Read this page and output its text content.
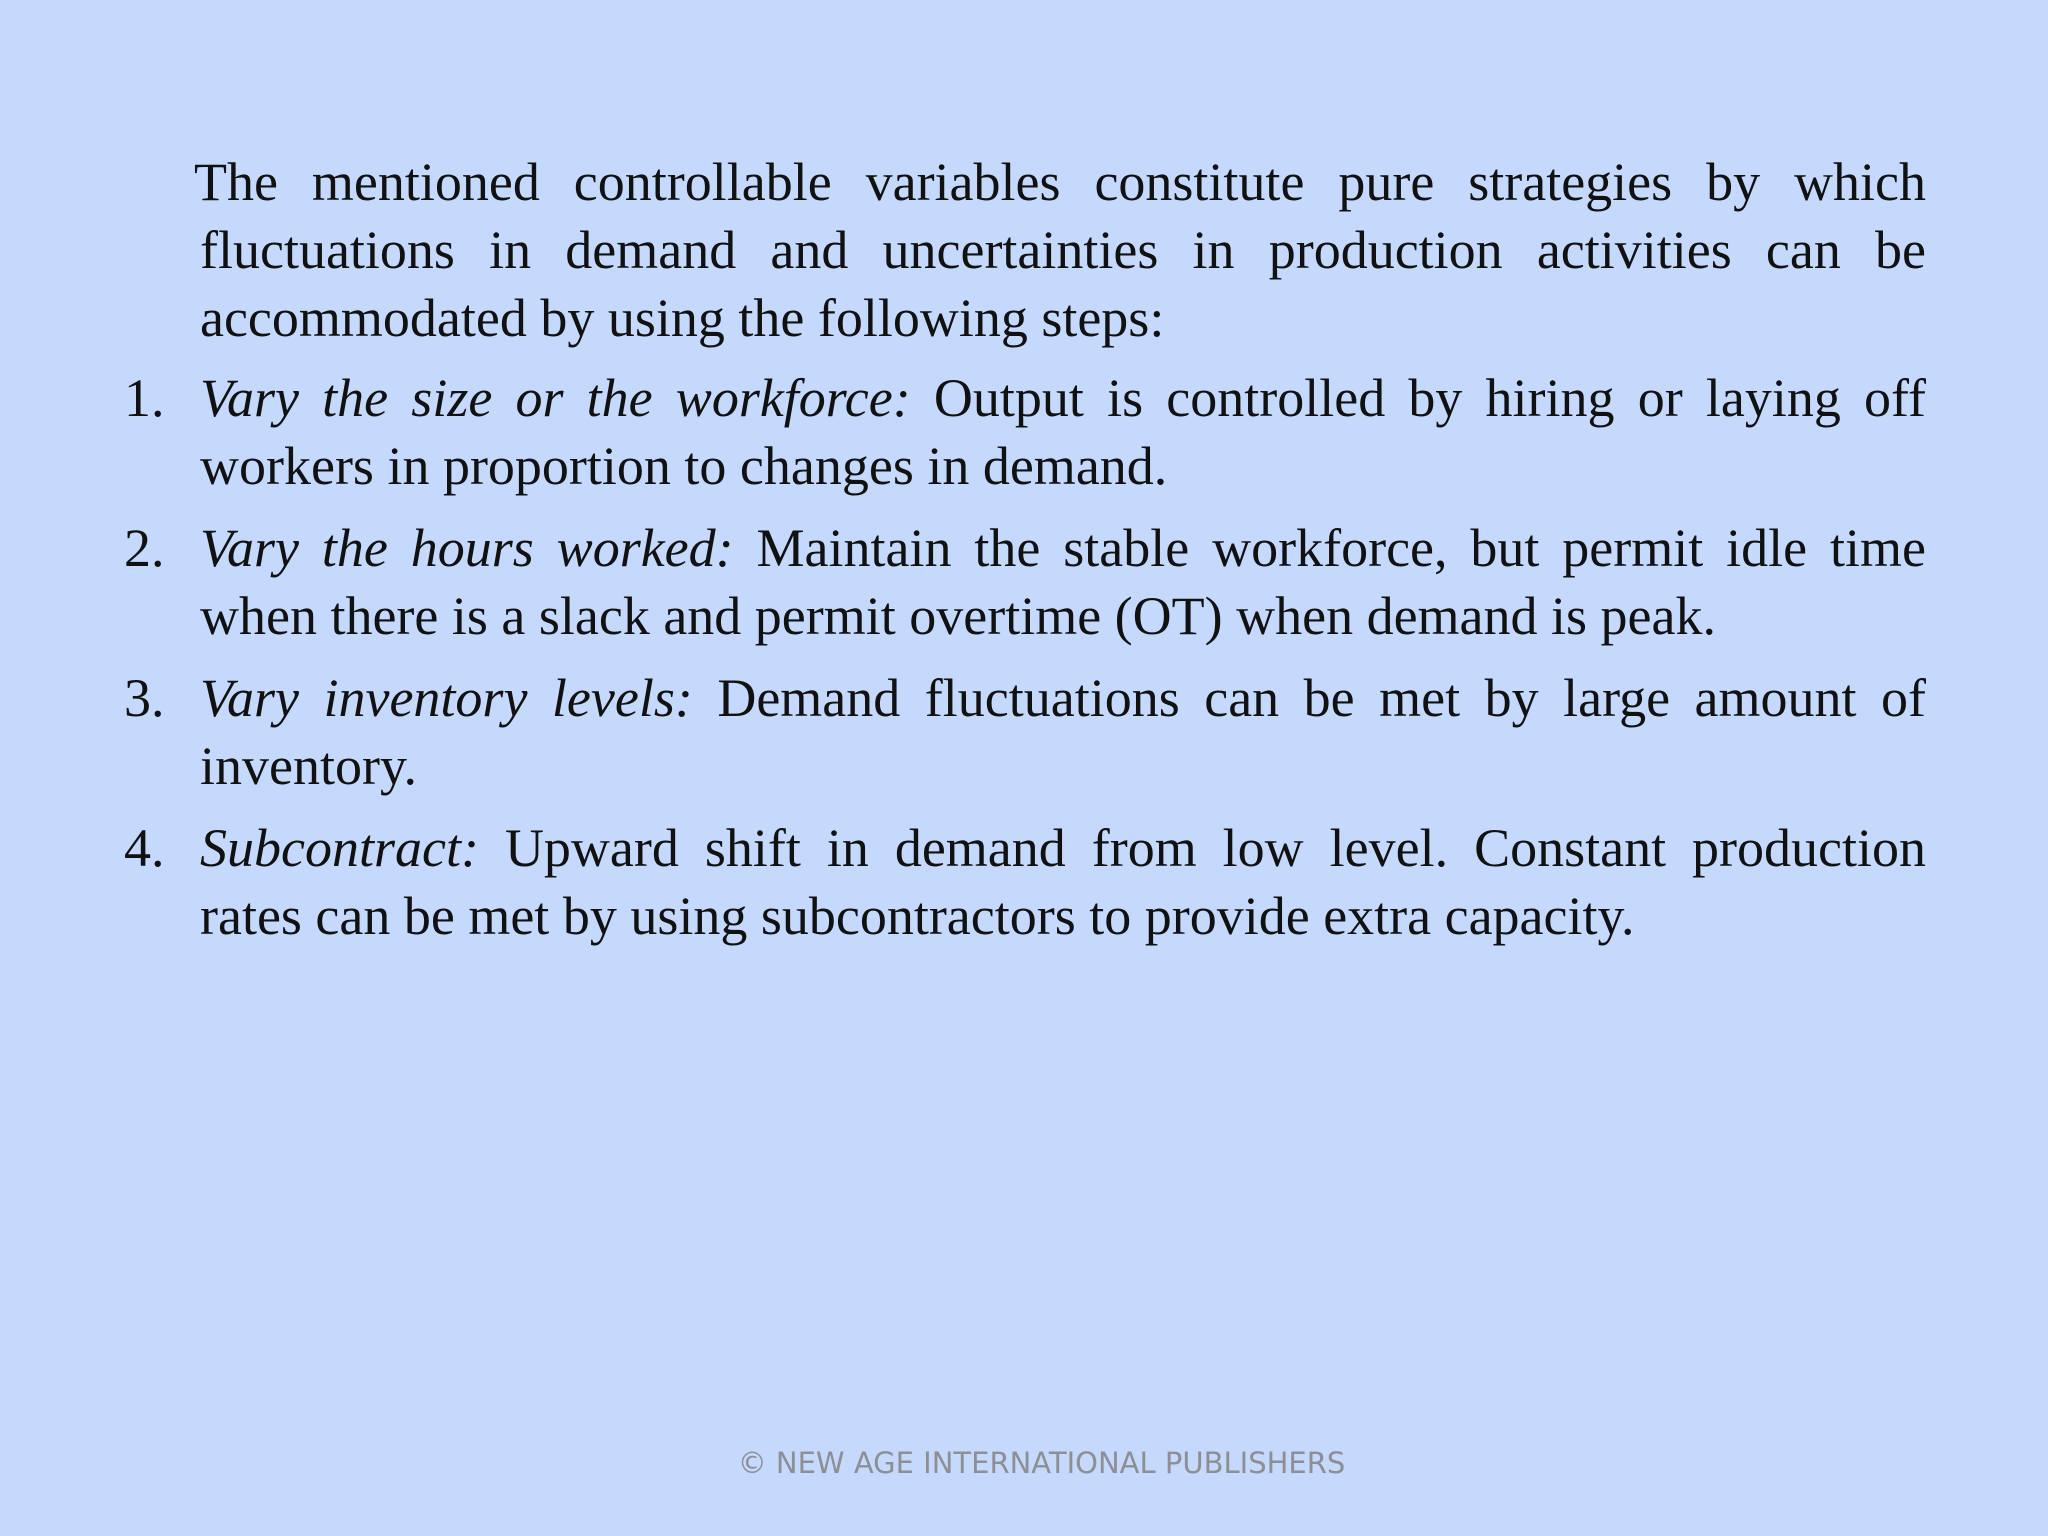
The mentioned controllable variables constitute pure strategies by which fluctuations in demand and uncertainties in production activities can be accommodated by using the following steps:

1. Vary the size or the workforce: Output is controlled by hiring or laying off workers in proportion to changes in demand.
2. Vary the hours worked: Maintain the stable workforce, but permit idle time when there is a slack and permit overtime (OT) when demand is peak.
3. Vary inventory levels: Demand fluctuations can be met by large amount of inventory.
4. Subcontract: Upward shift in demand from low level. Constant production rates can be met by using subcontractors to provide extra capacity.
© NEW AGE INTERNATIONAL PUBLISHERS
